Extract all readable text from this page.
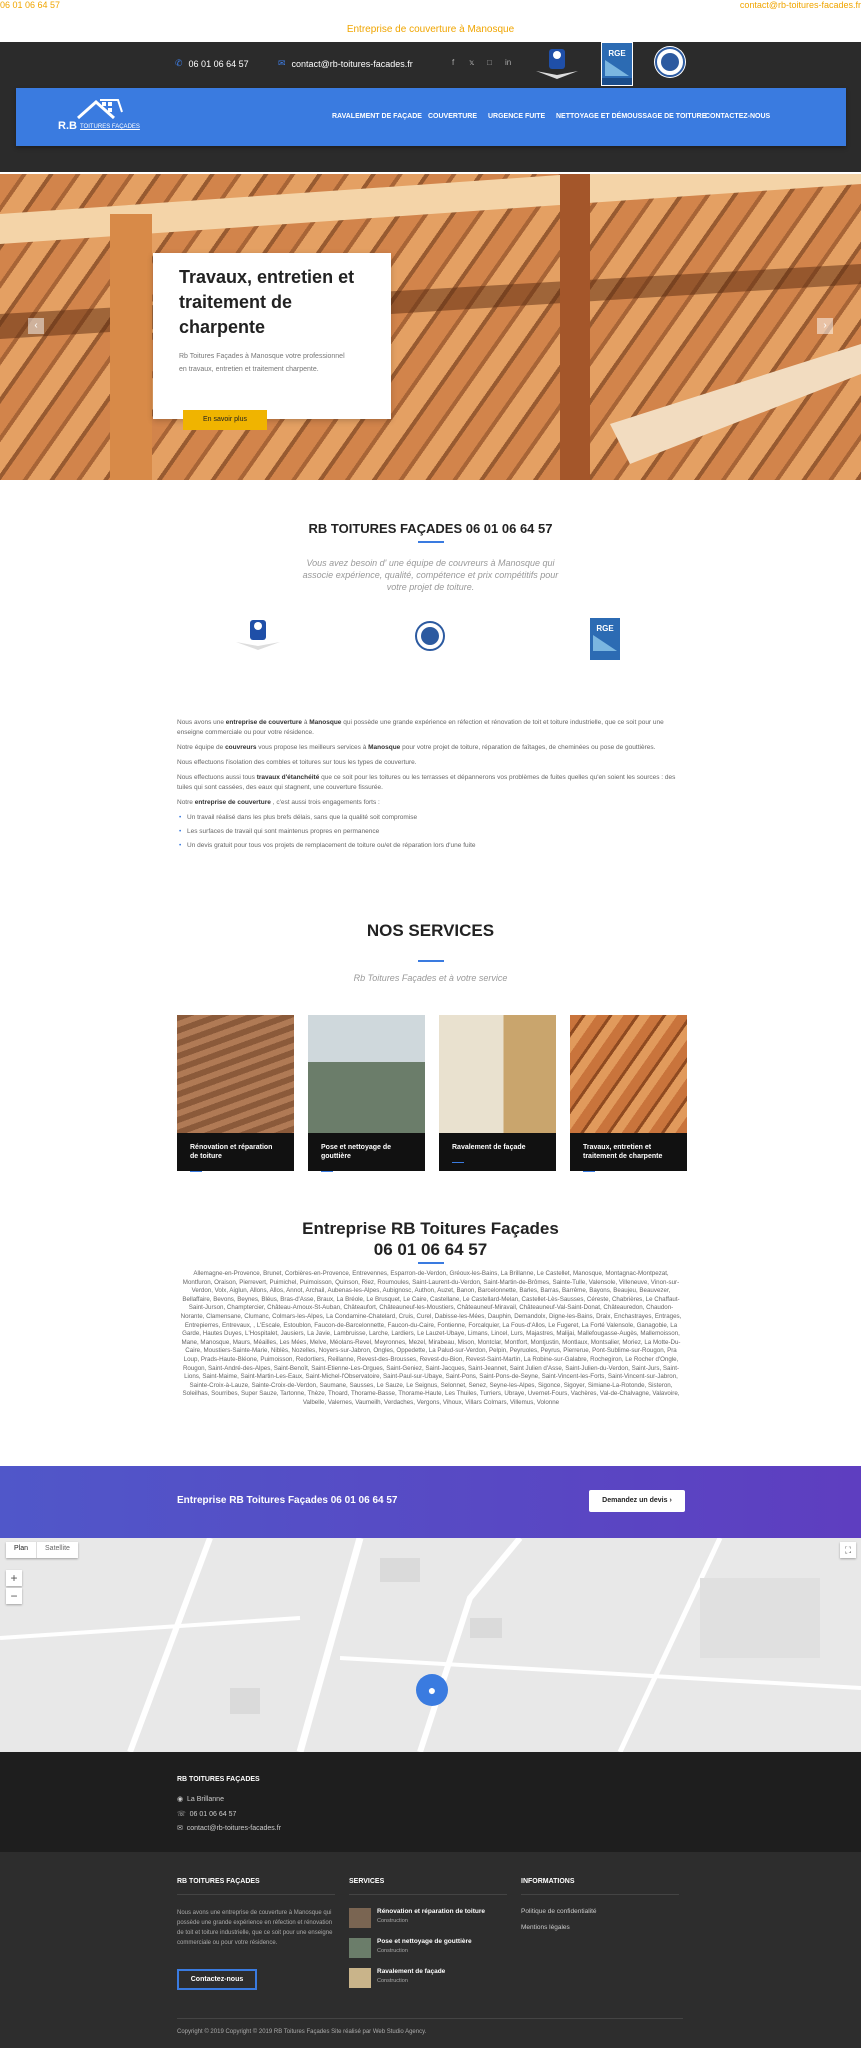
06 01 06 64 57	contact@rb-toitures-facades.fr
Entreprise de couverture à Manosque
✆ 06 01 06 64 57	✉ contact@rb-toitures-facades.fr	f 𝕩 □ in
RGE
R.B TOITURES FAÇADES
RAVALEMENT DE FAÇADE COUVERTURE URGENCE FUITE NETTOYAGE ET DÉMOUSSAGE DE TOITURE
CONTACTEZ-NOUS
‹	›
Travaux, entretien et traitement de charpente

Rb Toitures Façades à Manosque votre professionnel en travaux, entretien et traitement charpente.

En savoir plus
RB TOITURES FAÇADES 06 01 06 64 57
Vous avez besoin d' une équipe de couvreurs à Manosque qui associe expérience, qualité, compétence et prix compétitifs pour votre projet de toiture.
RGE

Nous avons une entreprise de couverture à Manosque qui possède une grande expérience en réfection et rénovation de toit et toiture industrielle, que ce soit pour une enseigne commerciale ou pour votre résidence.

Notre équipe de couvreurs vous propose les meilleurs services à Manosque pour votre projet de toiture, réparation de faîtages, de cheminées ou pose de gouttières.

Nous effectuons l'isolation des combles et toitures sur tous les types de couverture.

Nous effectuons aussi tous travaux d'étanchéité que ce soit pour les toitures ou les terrasses et dépannerons vos problèmes de fuites quelles qu'en soient les sources : des tuiles qui sont cassées, des eaux qui stagnent, une couverture fissurée.

Notre entreprise de couverture , c'est aussi trois engagements forts :

• Un travail réalisé dans les plus brefs délais, sans que la qualité soit compromise
• Les surfaces de travail qui sont maintenus propres en permanence
• Un devis gratuit pour tous vos projets de remplacement de toiture ou/et de réparation lors d'une fuite
NOS SERVICES
Rb Toitures Façades et à votre service
Rénovation et réparation de toiture
Pose et nettoyage de gouttière
Ravalement de façade	Travaux, entretien et traitement de charpente
Entreprise RB Toitures Façades
06 01 06 64 57
Allemagne-en-Provence, Brunet, Corbières-en-Provence, Entrevennes, Esparron-de-Verdon, Gréoux-les-Bains, La Brillanne, Le Castellet, Manosque, Montagnac-Montpezat, Montfuron, Oraison, Pierrevert, Puimichel, Puimoisson, Quinson, Riez, Roumoules, Saint-Laurent-du-Verdon, Saint-Martin-de-Brômes, Sainte-Tulle, Valensole, Villeneuve, Vinon-sur-Verdon, Volx, Aiglun, Allons, Allos, Annot, Archail, Aubenas-les-Alpes, Aubignosc, Authon, Auzet, Banon, Barcelonnette, Barles, Barras, Barrême, Bayons, Beaujeu, Beauvezer, Bellaffaire, Bevons, Beynes, Bléus, Bras-d'Asse, Braux, La Bréole, Le Brusquet, Le Caire, Castellane, Le Castellard-Melan, Castellet-Lès-Sausses, Céreste, Chabrières, Le Chaffaut-Saint-Jurson, Champtercier, Château-Arnoux-St-Auban, Châteaufort, Châteauneuf-les-Moustiers, Châteauneuf-Miravail, Châteauneuf-Val-Saint-Donat, Châteauredon, Chaudon-Norante, Clamensane, Clumanc, Colmars-les-Alpes, La Condamine-Chatelard, Cruis, Curel, Dabisse-les-Mées, Dauphin, Demandolx, Digne-les-Bains, Draix, Enchastrayes, Entrages, Entrepierres, Entrevaux, , L'Escale, Estoublon, Faucon-de-Barcelonnette, Faucon-du-Caire, Fontienne, Forcalquier, La Fous-d'Allos, Le Fugeret, La Forté Valensole, Ganagobie, La Garde, Hautes Duyes, L'Hospitalet, Jausiers, La Javie, Lambruisse, Larche, Lardiers, Le Lauzet-Ubaye, Limans, Lincel, Lurs, Majastres, Malijai, Mallefougasse-Augès, Mallemoisson, Mane, Manosque, Maurs, Méailles, Les Mées, Melve, Méolans-Revel, Meyronnes, Mezel, Mirabeau, Mison, Montclar, Montfort, Montjustin, Montlaux, Montsalier, Moriez, La Motte-Du-Caire, Moustiers-Sainte-Marie, Niblès, Nozelles, Noyers-sur-Jabron, Ongles, Oppedette, La Palud-sur-Verdon, Pelpin, Peyruoles, Peyrus, Pierrerue, Pont-Sublime-sur-Rougon, Pra Loup, Prads-Haute-Bléone, Puimoisson, Redortiers, Reillanne, Revest-des-Brousses, Revest-du-Bion, Revest-Saint-Martin, La Robine-sur-Galabre, Rochegiron, Le Rocher d'Ongle, Rougon, Saint-André-des-Alpes, Saint-Benoît, Saint-Etienne-Les-Orgues, Saint-Geniez, Saint-Jacques, Saint-Jeannet, Saint Julien d'Asse, Saint-Julien-du-Verdon, Saint-Jurs, Saint-Lions, Saint-Maime, Saint-Martin-Les-Eaux, Saint-Michel-l'Observatoire, Saint-Paul-sur-Ubaye, Saint-Pons, Saint-Pons-de-Seyne, Saint-Vincent-les-Forts, Saint-Vincent-sur-Jabron, Sainte-Croix-à-Lauze, Sainte-Croix-de-Verdon, Saumane, Sausses, Le Sauze, Le Seignus, Selonnet, Senez, Seyne-les-Alpes, Sigonce, Sigoyer, Simiane-La-Rotonde, Sisteron, Soleilhas, Sourribes, Super Sauze, Tartonne, Thèze, Thoard, Thorame-Basse, Thorame-Haute, Les Thuiles, Turriers, Ubraye, Uvernet-Fours, Vachères, Val-de-Chalvagne, Valavoire, Valbelle, Valernes, Vaumeilh, Verdaches, Vergons, Vihoux, Villars Colmars, Villemus, Volonne
Entreprise RB Toitures Façades 06 01 06 64 57	Demandez un devis ›
Plan	Satellite
+
−
⛶
●
RB TOITURES FAÇADES
◉ La Brillanne
☏ 06 01 06 64 57
✉ contact@rb-toitures-facades.fr
RB TOITURES FAÇADES
Nous avons une entreprise de couverture à Manosque qui possède une grande expérience en réfection et rénovation de toit et toiture industrielle, que ce soit pour une enseigne commerciale ou pour votre résidence.
Contactez-nous
SERVICES
Rénovation et réparation de toiture
Construction
Pose et nettoyage de gouttière
Construction
Ravalement de façade
Construction
INFORMATIONS
Politique de confidentialité
Mentions légales
Copyright © 2019 Copyright © 2019 RB Toitures Façades Site réalisé par Web Studio Agency.
